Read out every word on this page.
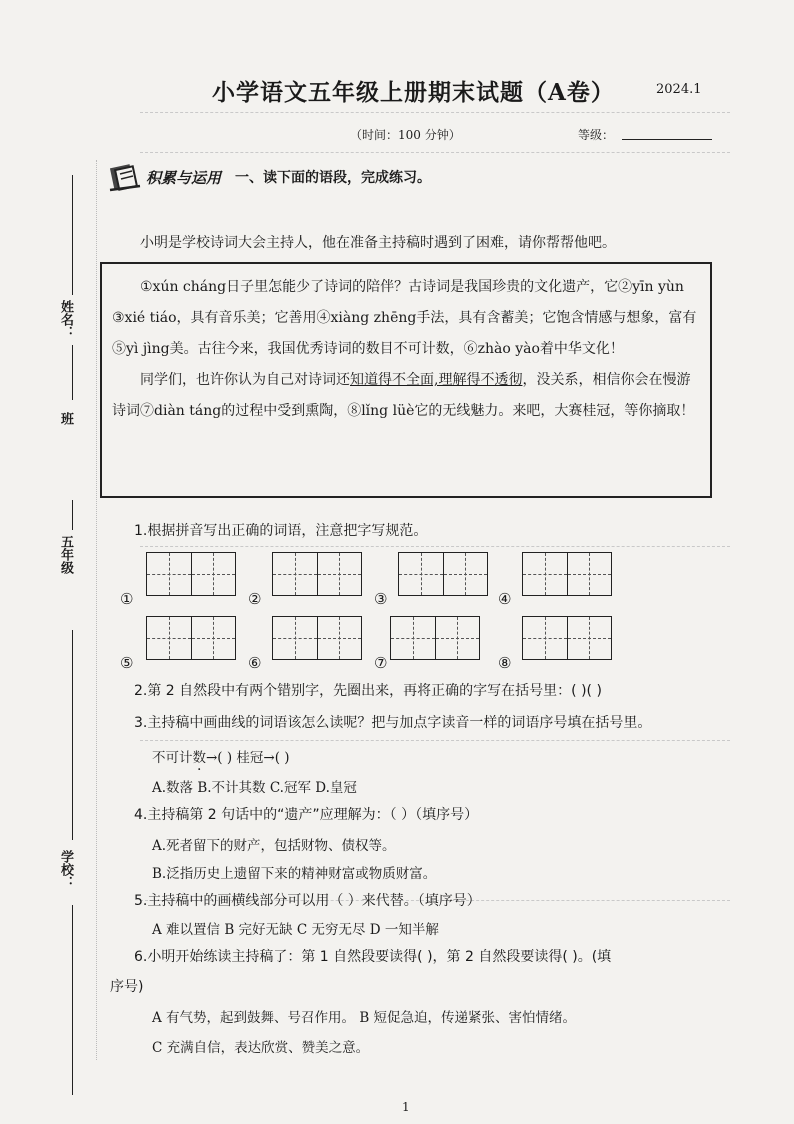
小学语文五年级上册期末试题（A卷）	2024.1
（时间：100 分钟）	等级：
姓名：
班
五年级
学校：
积累与运用 一、读下面的语段，完成练习。
小明是学校诗词大会主持人，他在准备主持稿时遇到了困难，请你帮帮他吧。

①xún cháng日子里怎能少了诗词的陪伴？古诗词是我国珍贵的文化遗产，它②yīn yùn ③xié tiáo，具有音乐美；它善用④xiàng zhēng手法，具有含蓄美；它饱含情感与想象，富有⑤yì jìng美。古往今来，我国优秀诗词的数目不可计数，⑥zhào yào着中华文化！

同学们，也许你认为自己对诗词还知道得不全面,理解得不透彻，没关系，相信你会在慢游诗词⑦diàn táng的过程中受到熏陶，⑧lǐng lüè它的无线魅力。来吧，大赛桂冠，等你摘取！

1.根据拼音写出正确的词语，注意把字写规范。
①	②	③	④
⑤	⑥	⑦	⑧
2.第 2 自然段中有两个错别字，先圈出来，再将正确的字写在括号里：( )( )
3.主持稿中画曲线的词语该怎么读呢？把与加点字读音一样的词语序号填在括号里。
不可计数→( ) 桂冠→( )
A.数落 B.不计其数 C.冠军 D.皇冠
4.主持稿第 2 句话中的“遗产”应理解为：（ ）（填序号）
A.死者留下的财产，包括财物、债权等。
B.泛指历史上遗留下来的精神财富或物质财富。
5.主持稿中的画横线部分可以用（ ）来代替。（填序号）
A 难以置信 B 完好无缺 C 无穷无尽 D 一知半解
6.小明开始练读主持稿了：第 1 自然段要读得( )，第 2 自然段要读得( )。(填
序号)
A 有气势，起到鼓舞、号召作用。 B 短促急迫，传递紧张、害怕情绪。
C 充满自信，表达欣赏、赞美之意。
1
